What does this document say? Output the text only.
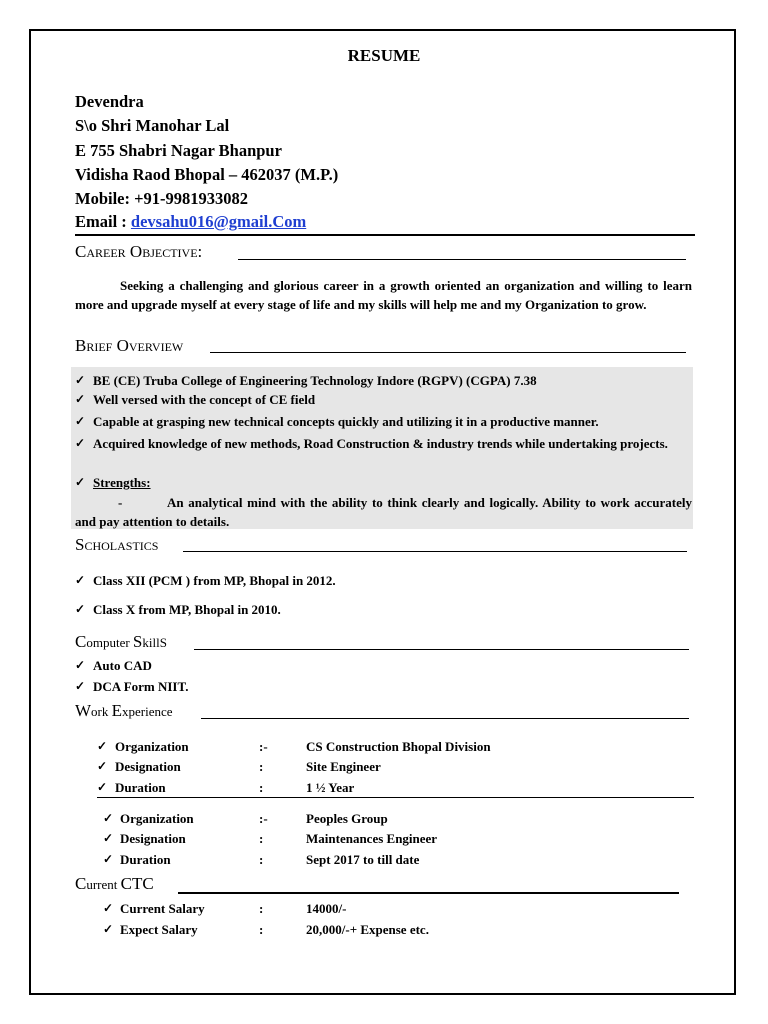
RESUME
Devendra
S\o Shri Manohar Lal
E 755 Shabri Nagar Bhanpur
Vidisha Raod Bhopal – 462037 (M.P.)
Mobile: +91-9981933082
Email : devsahu016@gmail.Com
Career Objective:
Seeking a challenging and glorious career in a growth oriented an organization and willing to learn more and upgrade myself at every stage of life and my skills will help me and my Organization to grow.
Brief Overview
✓ BE (CE) Truba College of Engineering Technology Indore (RGPV) (CGPA) 7.38
✓ Well versed with the concept of CE field
✓ Capable at grasping new technical concepts quickly and utilizing it in a productive manner.
✓ Acquired knowledge of new methods, Road Construction & industry trends while undertaking projects.
✓ Strengths:
-	An analytical mind with the ability to think clearly and logically. Ability to work accurately and pay attention to details.
Scholastics
✓ Class XII (PCM ) from MP, Bhopal in 2012.
✓ Class X from MP, Bhopal in 2010.
Computer SkillS
✓ Auto CAD
✓ DCA Form NIIT.
Work Experience
✓ Organization	:-	CS Construction Bhopal Division
✓ Designation	:	Site Engineer
✓ Duration	:	1 ½ Year
✓ Organization	:-	Peoples Group
✓ Designation	:	Maintenances Engineer
✓ Duration	:	Sept 2017 to till date
Current CTC
✓ Current Salary	:	14000/-
✓ Expect Salary	:	20,000/-+ Expense etc.
